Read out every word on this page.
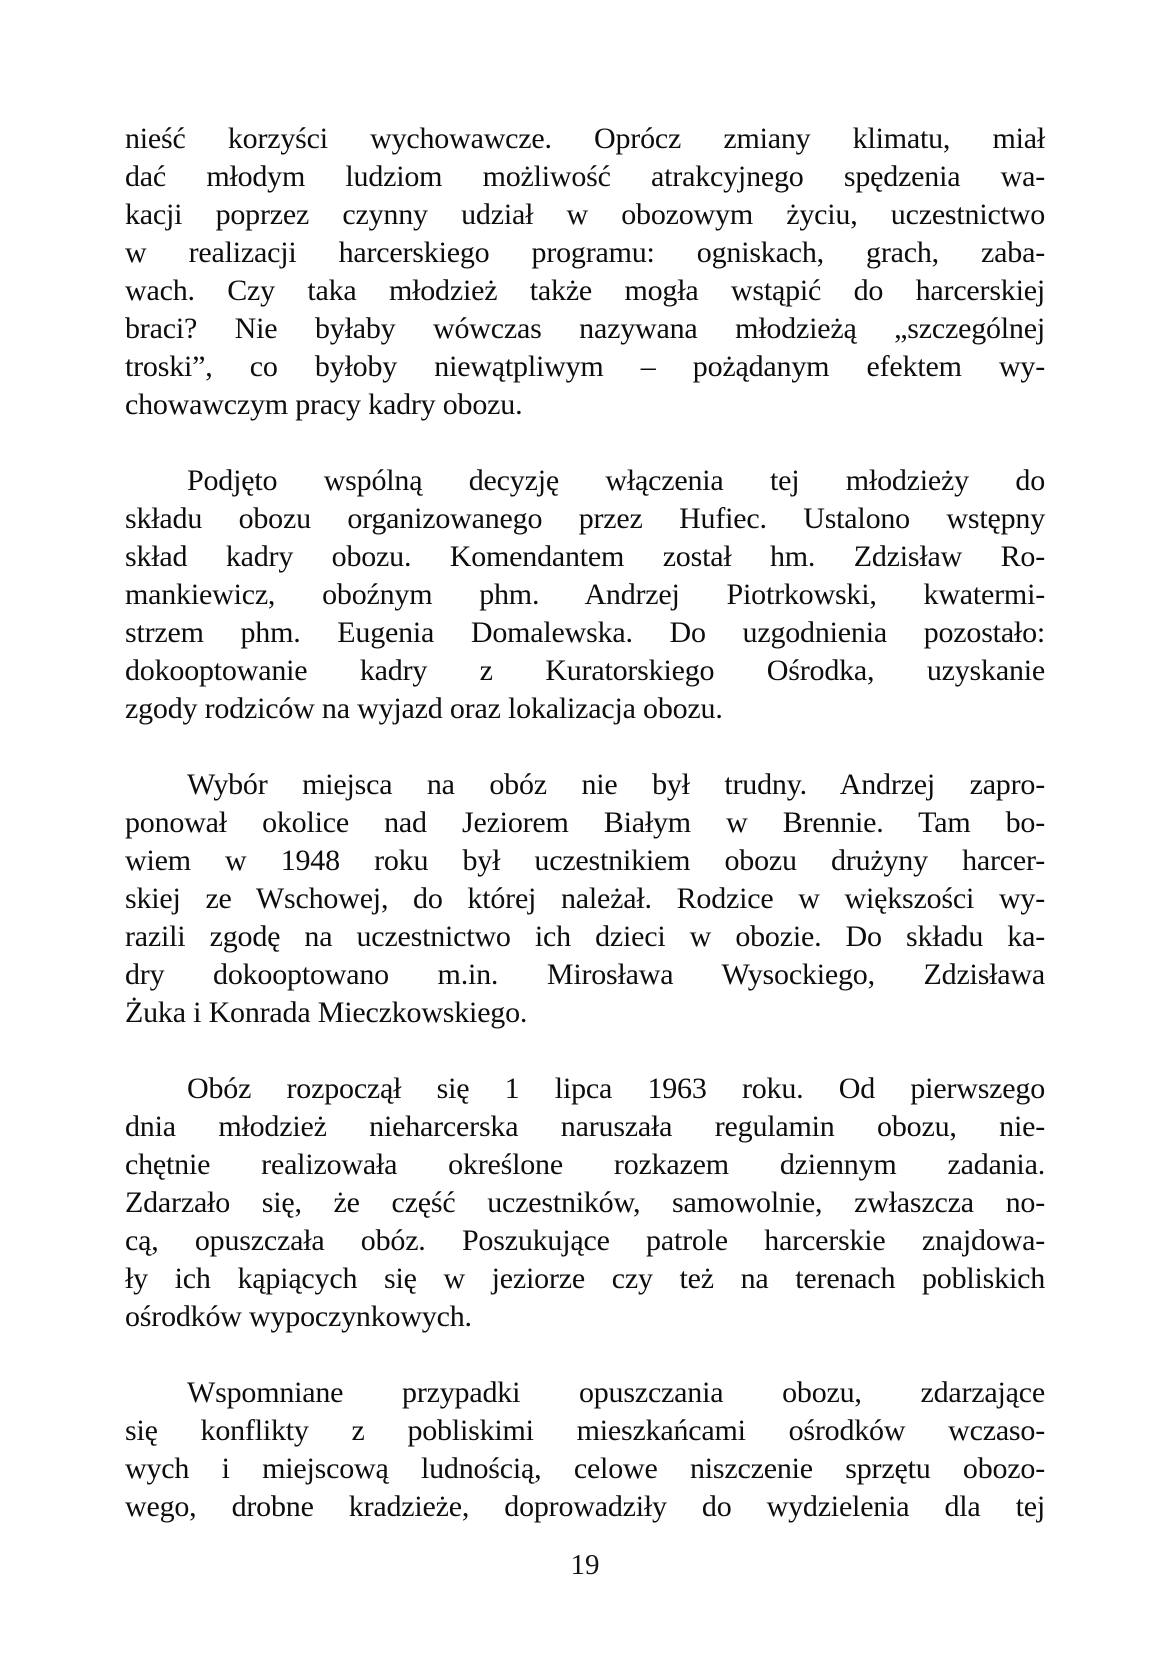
nieść korzyści wychowawcze. Oprócz zmiany klimatu, miał
dać młodym ludziom możliwość atrakcyjnego spędzenia wa-
kacji poprzez czynny udział w obozowym życiu, uczestnictwo
w realizacji harcerskiego programu: ogniskach, grach, zaba-
wach. Czy taka młodzież także mogła wstąpić do harcerskiej
braci? Nie byłaby wówczas nazywana młodzieżą „szczególnej
troski”, co byłoby niewątpliwym – pożądanym efektem wy-
chowawczym pracy kadry obozu.
Podjęto wspólną decyzję włączenia tej młodzieży do
składu obozu organizowanego przez Hufiec. Ustalono wstępny
skład kadry obozu. Komendantem został hm. Zdzisław Ro-
mankiewicz, oboźnym phm. Andrzej Piotrkowski, kwatermi-
strzem phm. Eugenia Domalewska. Do uzgodnienia pozostało:
dokooptowanie kadry z Kuratorskiego Ośrodka, uzyskanie
zgody rodziców na wyjazd oraz lokalizacja obozu.
Wybór miejsca na obóz nie był trudny. Andrzej zapro-
ponował okolice nad Jeziorem Białym w Brennie. Tam bo-
wiem w 1948 roku był uczestnikiem obozu drużyny harcer-
skiej ze Wschowej, do której należał. Rodzice w większości wy-
razili zgodę na uczestnictwo ich dzieci w obozie. Do składu ka-
dry dokooptowano m.in. Mirosława Wysockiego, Zdzisława
Żuka i Konrada Mieczkowskiego.
Obóz rozpoczął się 1 lipca 1963 roku. Od pierwszego
dnia młodzież nieharcerska naruszała regulamin obozu, nie-
chętnie realizowała określone rozkazem dziennym zadania.
Zdarzało się, że część uczestników, samowolnie, zwłaszcza no-
cą, opuszczała obóz. Poszukujące patrole harcerskie znajdowa-
ły ich kąpiących się w jeziorze czy też na terenach pobliskich
ośrodków wypoczynkowych.
Wspomniane przypadki opuszczania obozu, zdarzające
się konflikty z pobliskimi mieszkańcami ośrodków wczaso-
wych i miejscową ludnością, celowe niszczenie sprzętu obozo-
wego, drobne kradzieże, doprowadziły do wydzielenia dla tej
19
